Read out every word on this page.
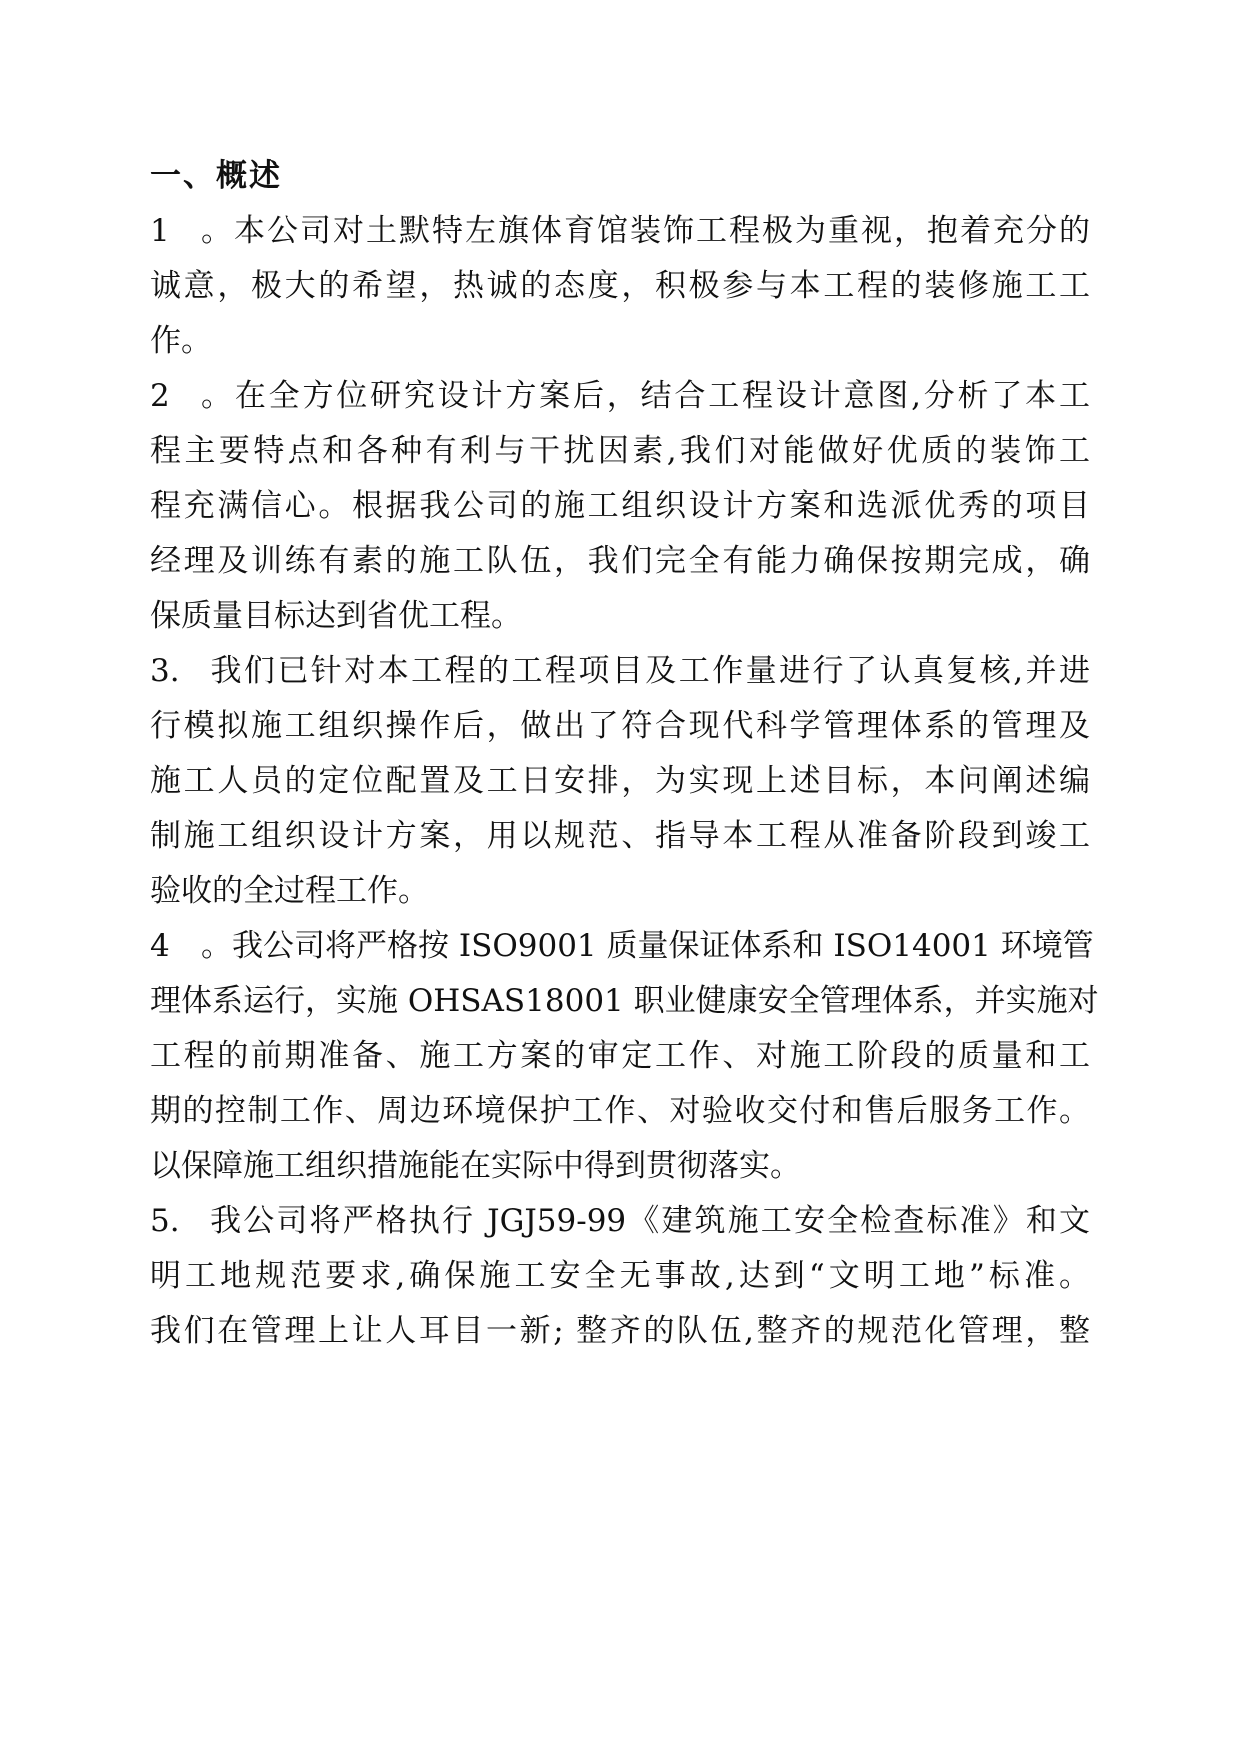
一、概述
1。本公司对土默特左旗体育馆装饰工程极为重视，抱着充分的
诚意，极大的希望，热诚的态度，积极参与本工程的装修施工工
作。
2。在全方位研究设计方案后，结合工程设计意图,分析了本工
程主要特点和各种有利与干扰因素,我们对能做好优质的装饰工
程充满信心。根据我公司的施工组织设计方案和选派优秀的项目
经理及训练有素的施工队伍，我们完全有能力确保按期完成，确
保质量目标达到省优工程。
3. 我们已针对本工程的工程项目及工作量进行了认真复核,并进
行模拟施工组织操作后，做出了符合现代科学管理体系的管理及
施工人员的定位配置及工日安排，为实现上述目标，本问阐述编
制施工组织设计方案，用以规范、指导本工程从准备阶段到竣工
验收的全过程工作。
4。我公司将严格按 ISO9001 质量保证体系和 ISO14001 环境管
理体系运行，实施 OHSAS18001 职业健康安全管理体系，并实施对
工程的前期准备、施工方案的审定工作、对施工阶段的质量和工
期的控制工作、周边环境保护工作、对验收交付和售后服务工作。
以保障施工组织措施能在实际中得到贯彻落实。
5. 我公司将严格执行 JGJ59-99《建筑施工安全检查标准》和文
明工地规范要求,确保施工安全无事故,达到“文明工地”标准。
我们在管理上让人耳目一新; 整齐的队伍,整齐的规范化管理，整
